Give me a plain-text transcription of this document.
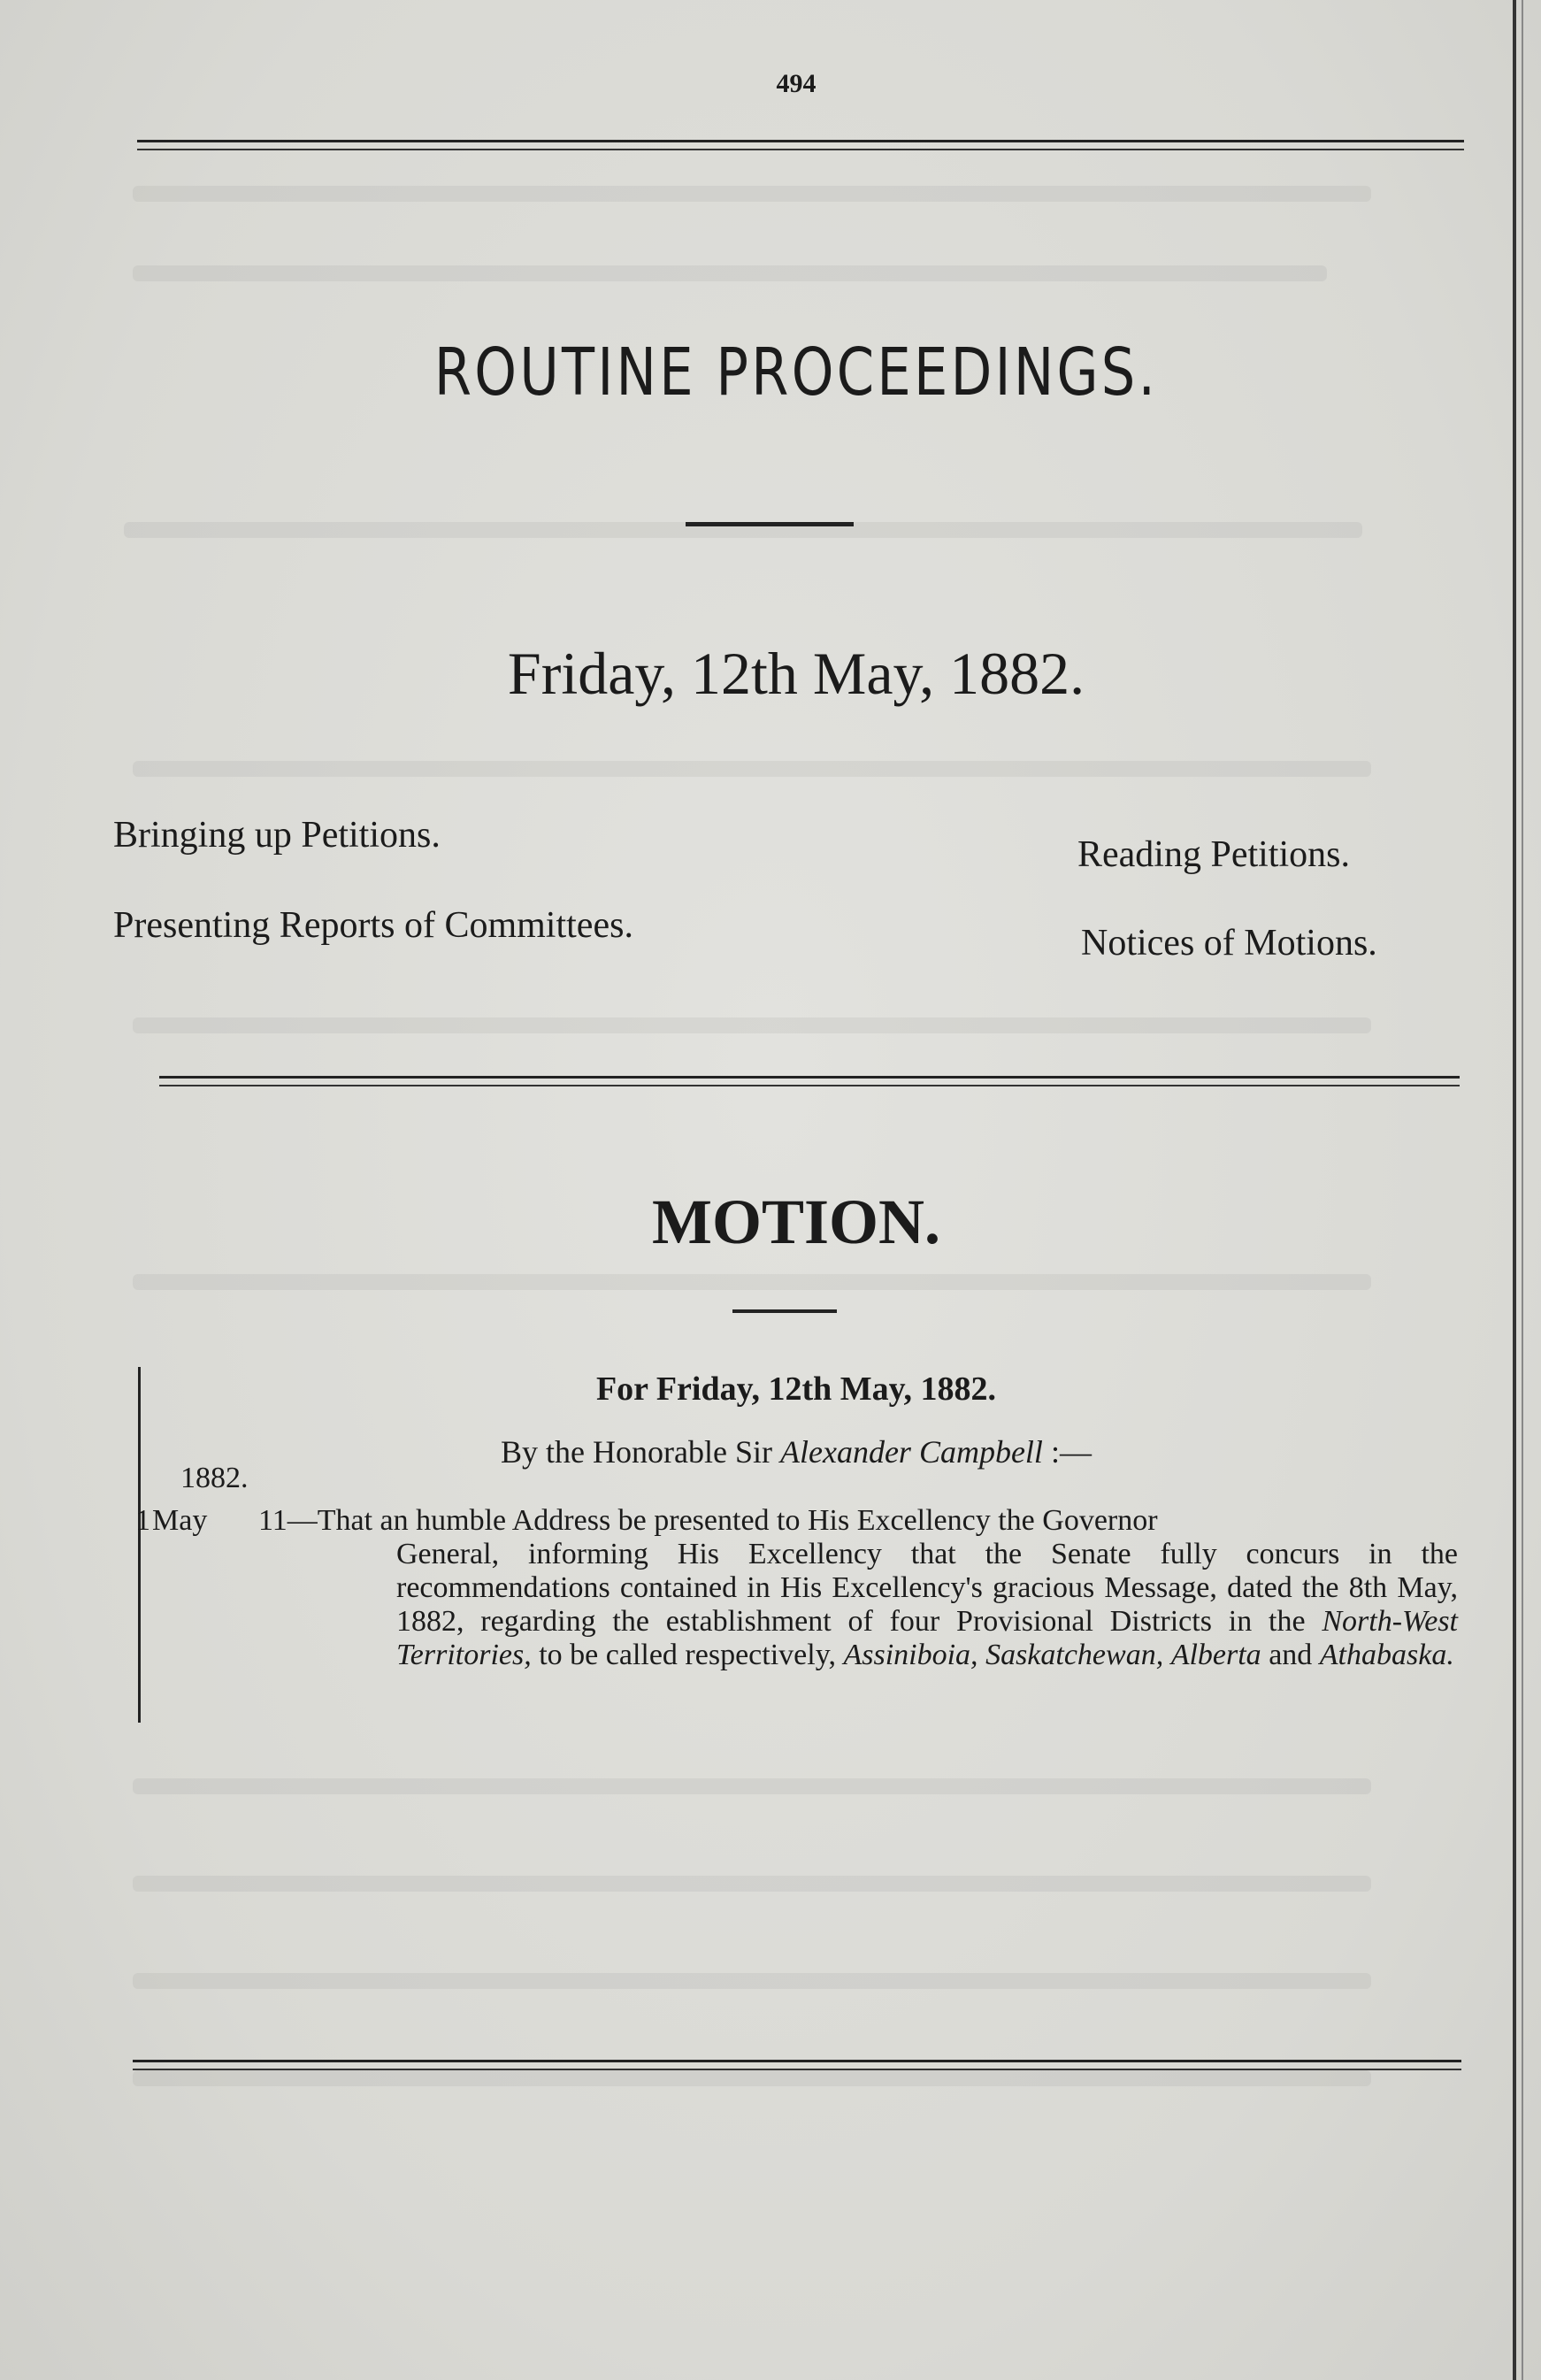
494
ROUTINE PROCEEDINGS.
Friday, 12th May, 1882.
Bringing up Petitions.	Reading Petitions.
Presenting Reports of Committees.	Notices of Motions.
MOTION.
For Friday, 12th May, 1882.
By the Honorable Sir Alexander Campbell :—
1882.
1 May 11—That an humble Address be presented to His Excellency the Governor
General, informing His Excellency that the Senate fully concurs in the recommendations contained in His Excellency's gracious Message, dated the 8th May, 1882, regarding the establishment of four Provisional Districts in the North-West Territories, to be called respectively, Assiniboia, Saskatchewan, Alberta and Athabaska.
